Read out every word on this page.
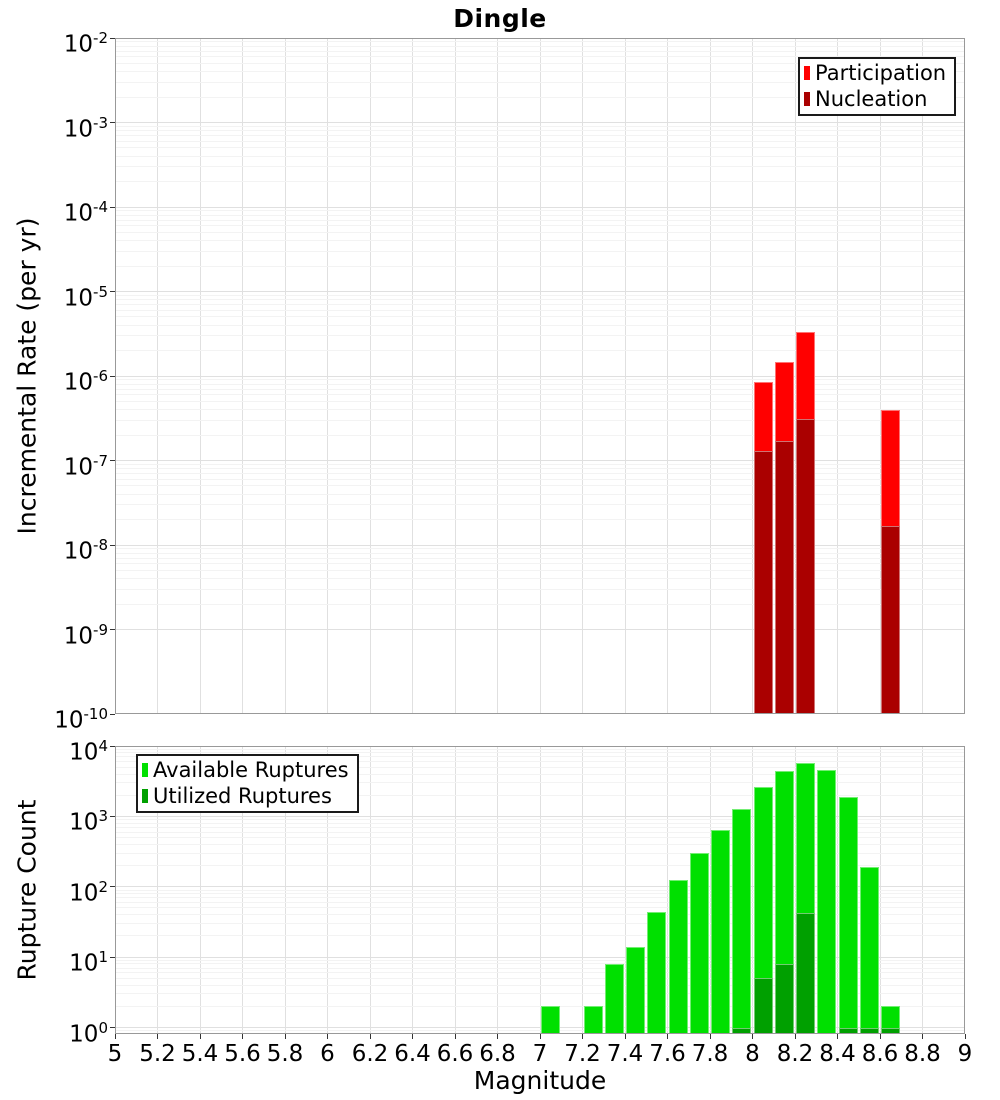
Dingle
Incremental Rate (per yr)
Rupture Count
Magnitude
Participation
Nucleation
Available Ruptures
Utilized Ruptures
$10^{-2}$
$10^{-3}$
$10^{-4}$
$10^{-5}$
$10^{-6}$
$10^{-7}$
$10^{-8}$
$10^{-9}$
$10^{-10}$
$10^4$
$10^3$
$10^2$
$10^1$
$10^0$
5 5.2 5.4 5.6 5.8 6 6.2 6.4 6.6 6.8 7 7.2 7.4 7.6 7.8 8 8.2 8.4 8.6 8.8 9
